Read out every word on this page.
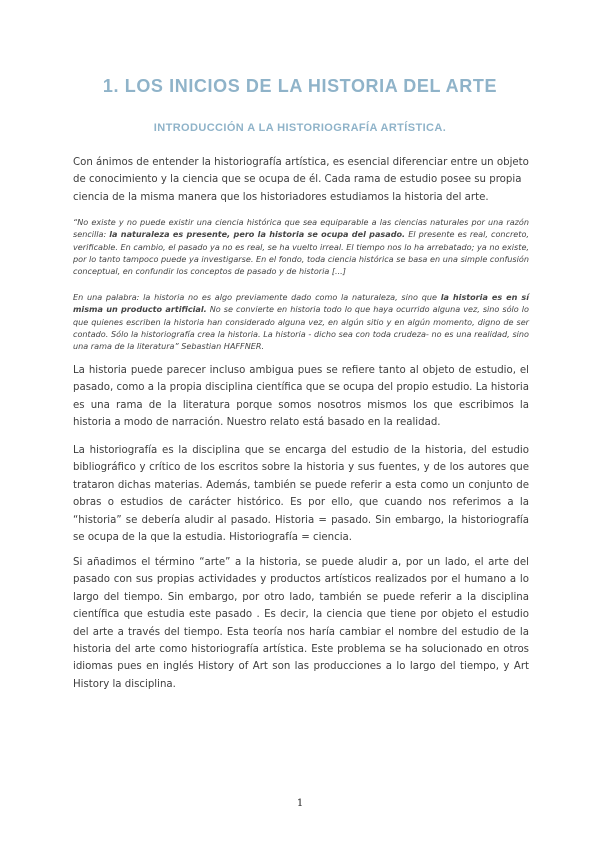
1. LOS INICIOS DE LA HISTORIA DEL ARTE
INTRODUCCIÓN A LA HISTORIOGRAFÍA ARTÍSTICA.
Con ánimos de entender la historiografía artística, es esencial diferenciar entre un objeto de conocimiento y la ciencia que se ocupa de él. Cada rama de estudio posee su propia ciencia de la misma manera que los historiadores estudiamos la historia del arte.
“No existe y no puede existir una ciencia histórica que sea equiparable a las ciencias naturales por una razón sencilla: la naturaleza es presente, pero la historia se ocupa del pasado. El presente es real, concreto, verificable. En cambio, el pasado ya no es real, se ha vuelto irreal. El tiempo nos lo ha arrebatado; ya no existe, por lo tanto tampoco puede ya investigarse. En el fondo, toda ciencia histórica se basa en una simple confusión conceptual, en confundir los conceptos de pasado y de historia [...]
En una palabra: la historia no es algo previamente dado como la naturaleza, sino que la historia es en sí misma un producto artificial. No se convierte en historia todo lo que haya ocurrido alguna vez, sino sólo lo que quienes escriben la historia han considerado alguna vez, en algún sitio y en algún momento, digno de ser contado. Sólo la historiografía crea la historia. La historia - dicho sea con toda crudeza- no es una realidad, sino una rama de la literatura” Sebastian HAFFNER.
La historia puede parecer incluso ambigua pues se refiere tanto al objeto de estudio, el pasado, como a la propia disciplina científica que se ocupa del propio estudio. La historia es una rama de la literatura porque somos nosotros mismos los que escribimos la historia a modo de narración. Nuestro relato está basado en la realidad.
La historiografía es la disciplina que se encarga del estudio de la historia, del estudio bibliográfico y crítico de los escritos sobre la historia y sus fuentes, y de los autores que trataron dichas materias. Además, también se puede referir a esta como un conjunto de obras o estudios de carácter histórico. Es por ello, que cuando nos referimos a la “historia” se debería aludir al pasado. Historia = pasado. Sin embargo, la historiografía se ocupa de la que la estudia. Historiografía = ciencia.
Si añadimos el término “arte” a la historia, se puede aludir a, por un lado, el arte del pasado con sus propias actividades y productos artísticos realizados por el humano a lo largo del tiempo. Sin embargo, por otro lado, también se puede referir a la disciplina científica que estudia este pasado . Es decir, la ciencia que tiene por objeto el estudio del arte a través del tiempo. Esta teoría nos haría cambiar el nombre del estudio de la historia del arte como historiografía artística. Este problema se ha solucionado en otros idiomas pues en inglés History of Art son las producciones a lo largo del tiempo, y Art History la disciplina.
1
